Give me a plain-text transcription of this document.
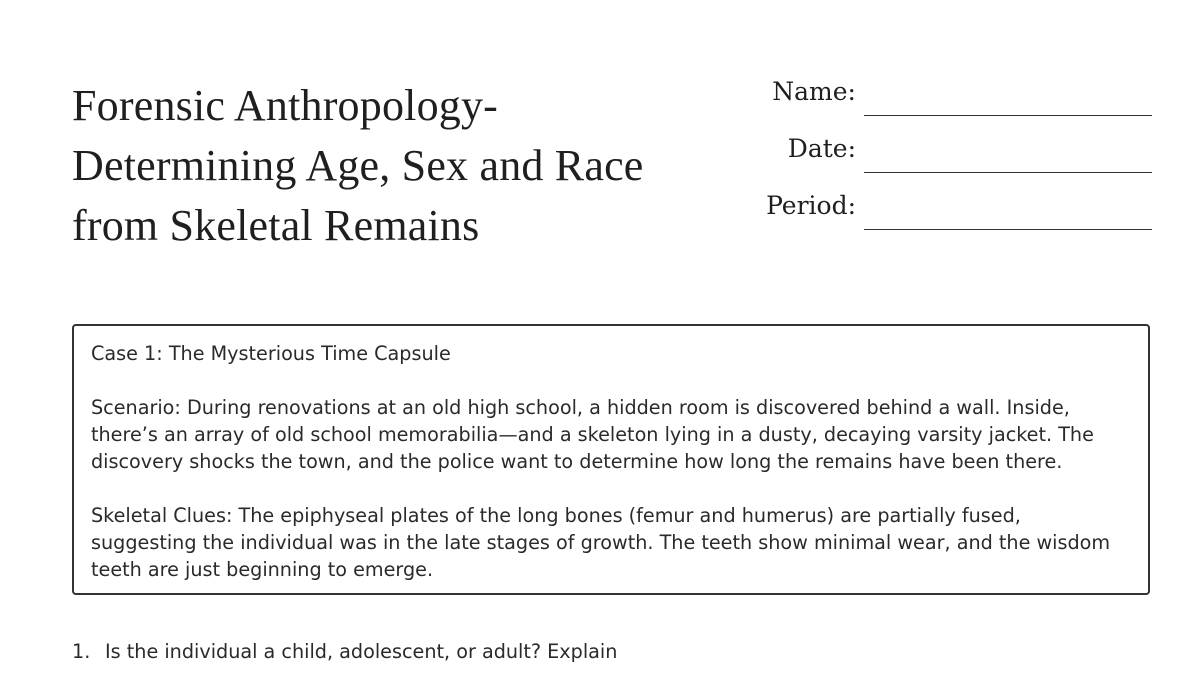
Forensic Anthropology-
Determining Age, Sex and Race
from Skeletal Remains
Name:
Date:
Period:

Case 1: The Mysterious Time Capsule

Scenario: During renovations at an old high school, a hidden room is discovered behind a wall. Inside, there’s an array of old school memorabilia—and a skeleton lying in a dusty, decaying varsity jacket. The discovery shocks the town, and the police want to determine how long the remains have been there.

Skeletal Clues: The epiphyseal plates of the long bones (femur and humerus) are partially fused, suggesting the individual was in the late stages of growth. The teeth show minimal wear, and the wisdom teeth are just beginning to emerge.

1. Is the individual a child, adolescent, or adult? Explain
